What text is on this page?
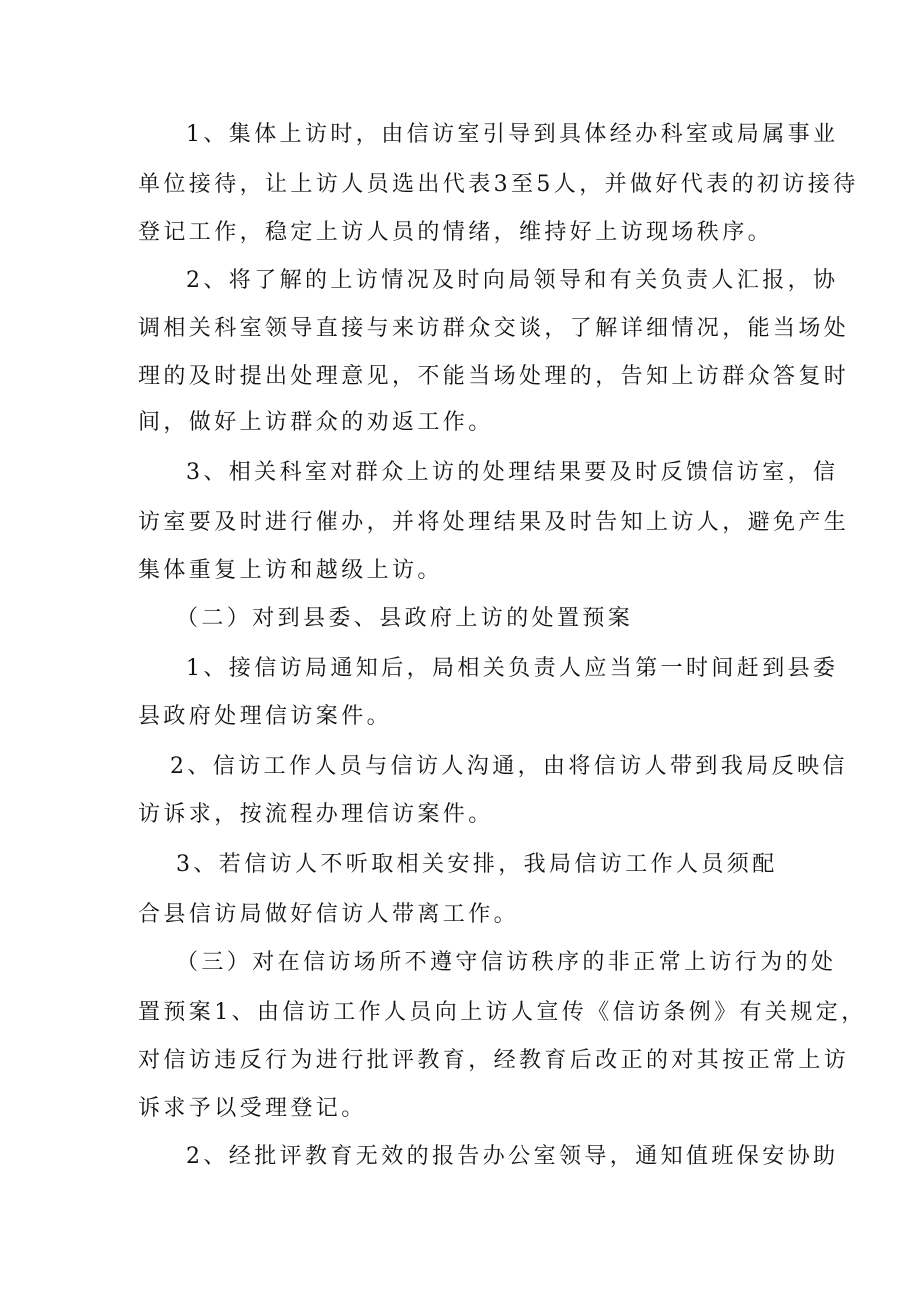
1、集体上访时，由信访室引导到具体经办科室或局属事业
单位接待，让上访人员选出代表3至5人，并做好代表的初访接待
登记工作，稳定上访人员的情绪，维持好上访现场秩序。
2、将了解的上访情况及时向局领导和有关负责人汇报，协
调相关科室领导直接与来访群众交谈，了解详细情况，能当场处
理的及时提出处理意见，不能当场处理的，告知上访群众答复时
间，做好上访群众的劝返工作。
3、相关科室对群众上访的处理结果要及时反馈信访室，信
访室要及时进行催办，并将处理结果及时告知上访人，避免产生
集体重复上访和越级上访。
（二）对到县委、县政府上访的处置预案
1、接信访局通知后，局相关负责人应当第一时间赶到县委
县政府处理信访案件。
2、信访工作人员与信访人沟通，由将信访人带到我局反映信
访诉求，按流程办理信访案件。
3、若信访人不听取相关安排，我局信访工作人员须配
合县信访局做好信访人带离工作。
（三）对在信访场所不遵守信访秩序的非正常上访行为的处
置预案1、由信访工作人员向上访人宣传《信访条例》有关规定，
对信访违反行为进行批评教育，经教育后改正的对其按正常上访
诉求予以受理登记。
2、经批评教育无效的报告办公室领导，通知值班保安协助
